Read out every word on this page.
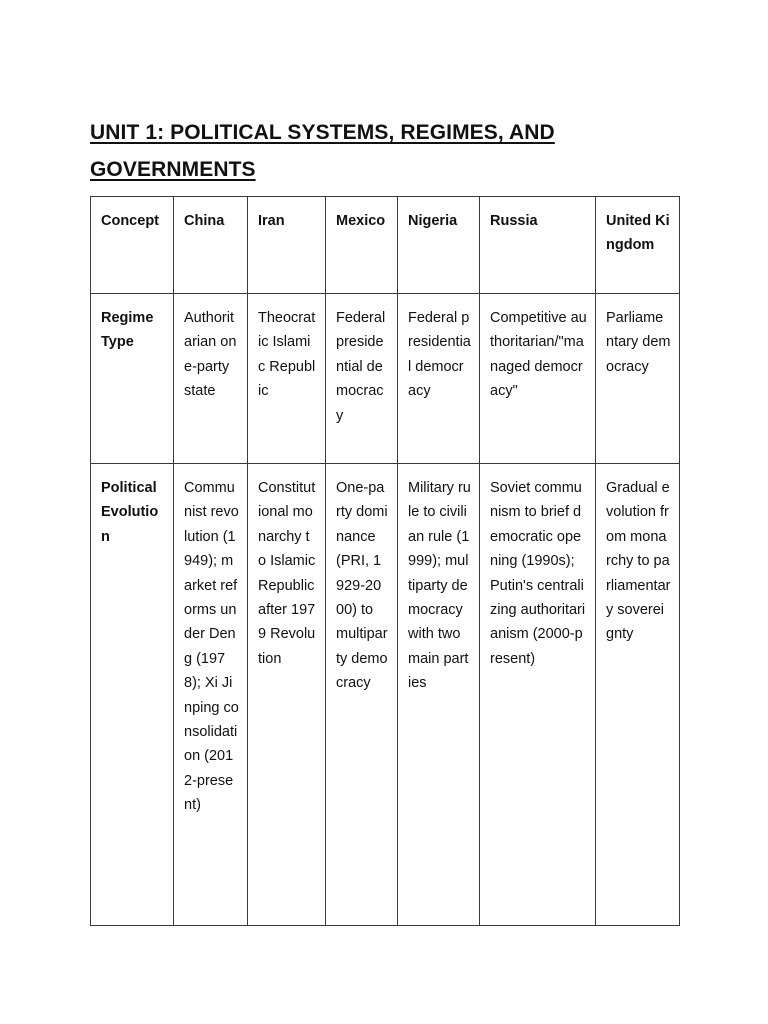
UNIT 1: POLITICAL SYSTEMS, REGIMES, AND
GOVERNMENTS
Concept	China	Iran	Mexico	Nigeria	Russia	United Kingdom
Regime Type	Authoritarian one-party state	Theocratic Islamic Republic	Federal presidential democracy	Federal presidential democracy	Competitive authoritarian/"managed democracy"	Parliamentary democracy
Political Evolution	Communist revolution (1949); market reforms under Deng (1978); Xi Jinping consolidation (2012-present)	Constitutional monarchy to Islamic Republic after 1979 Revolution	One-party dominance (PRI, 1929-2000) to multiparty democracy	Military rule to civilian rule (1999); multiparty democracy with two main parties	Soviet communism to brief democratic opening (1990s); Putin's centralizing authoritarianism (2000-present)	Gradual evolution from monarchy to parliamentary sovereignty
